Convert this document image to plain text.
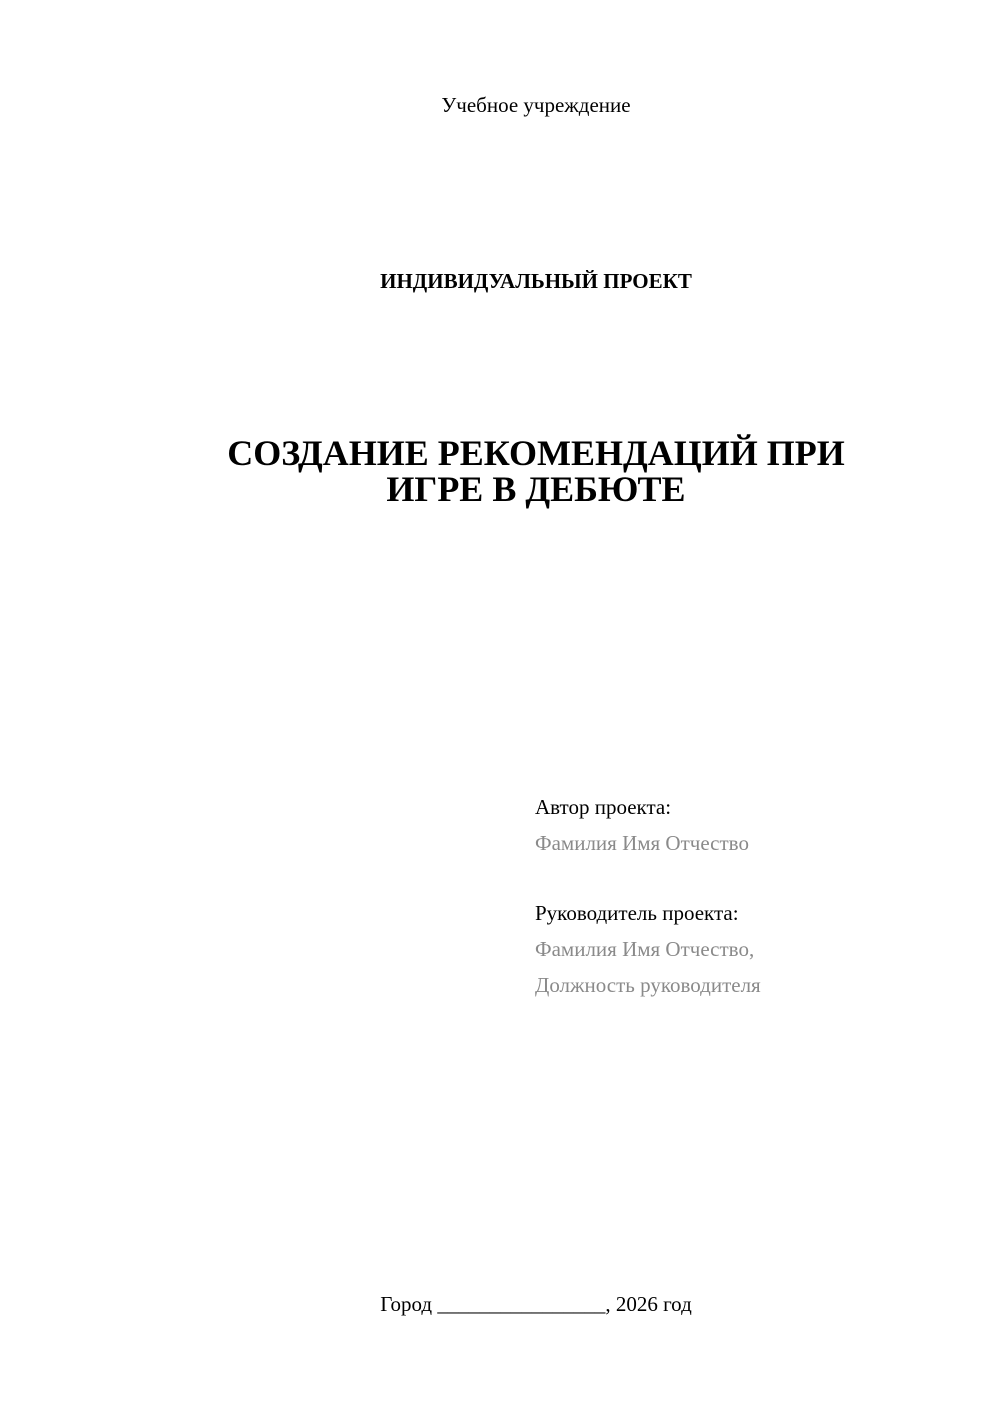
Учебное учреждение
ИНДИВИДУАЛЬНЫЙ ПРОЕКТ
СОЗДАНИЕ РЕКОМЕНДАЦИЙ ПРИ
ИГРЕ В ДЕБЮТЕ
Автор проекта:
Фамилия Имя Отчество
Руководитель проекта:
Фамилия Имя Отчество,
Должность руководителя
Город ________________, 2026 год
